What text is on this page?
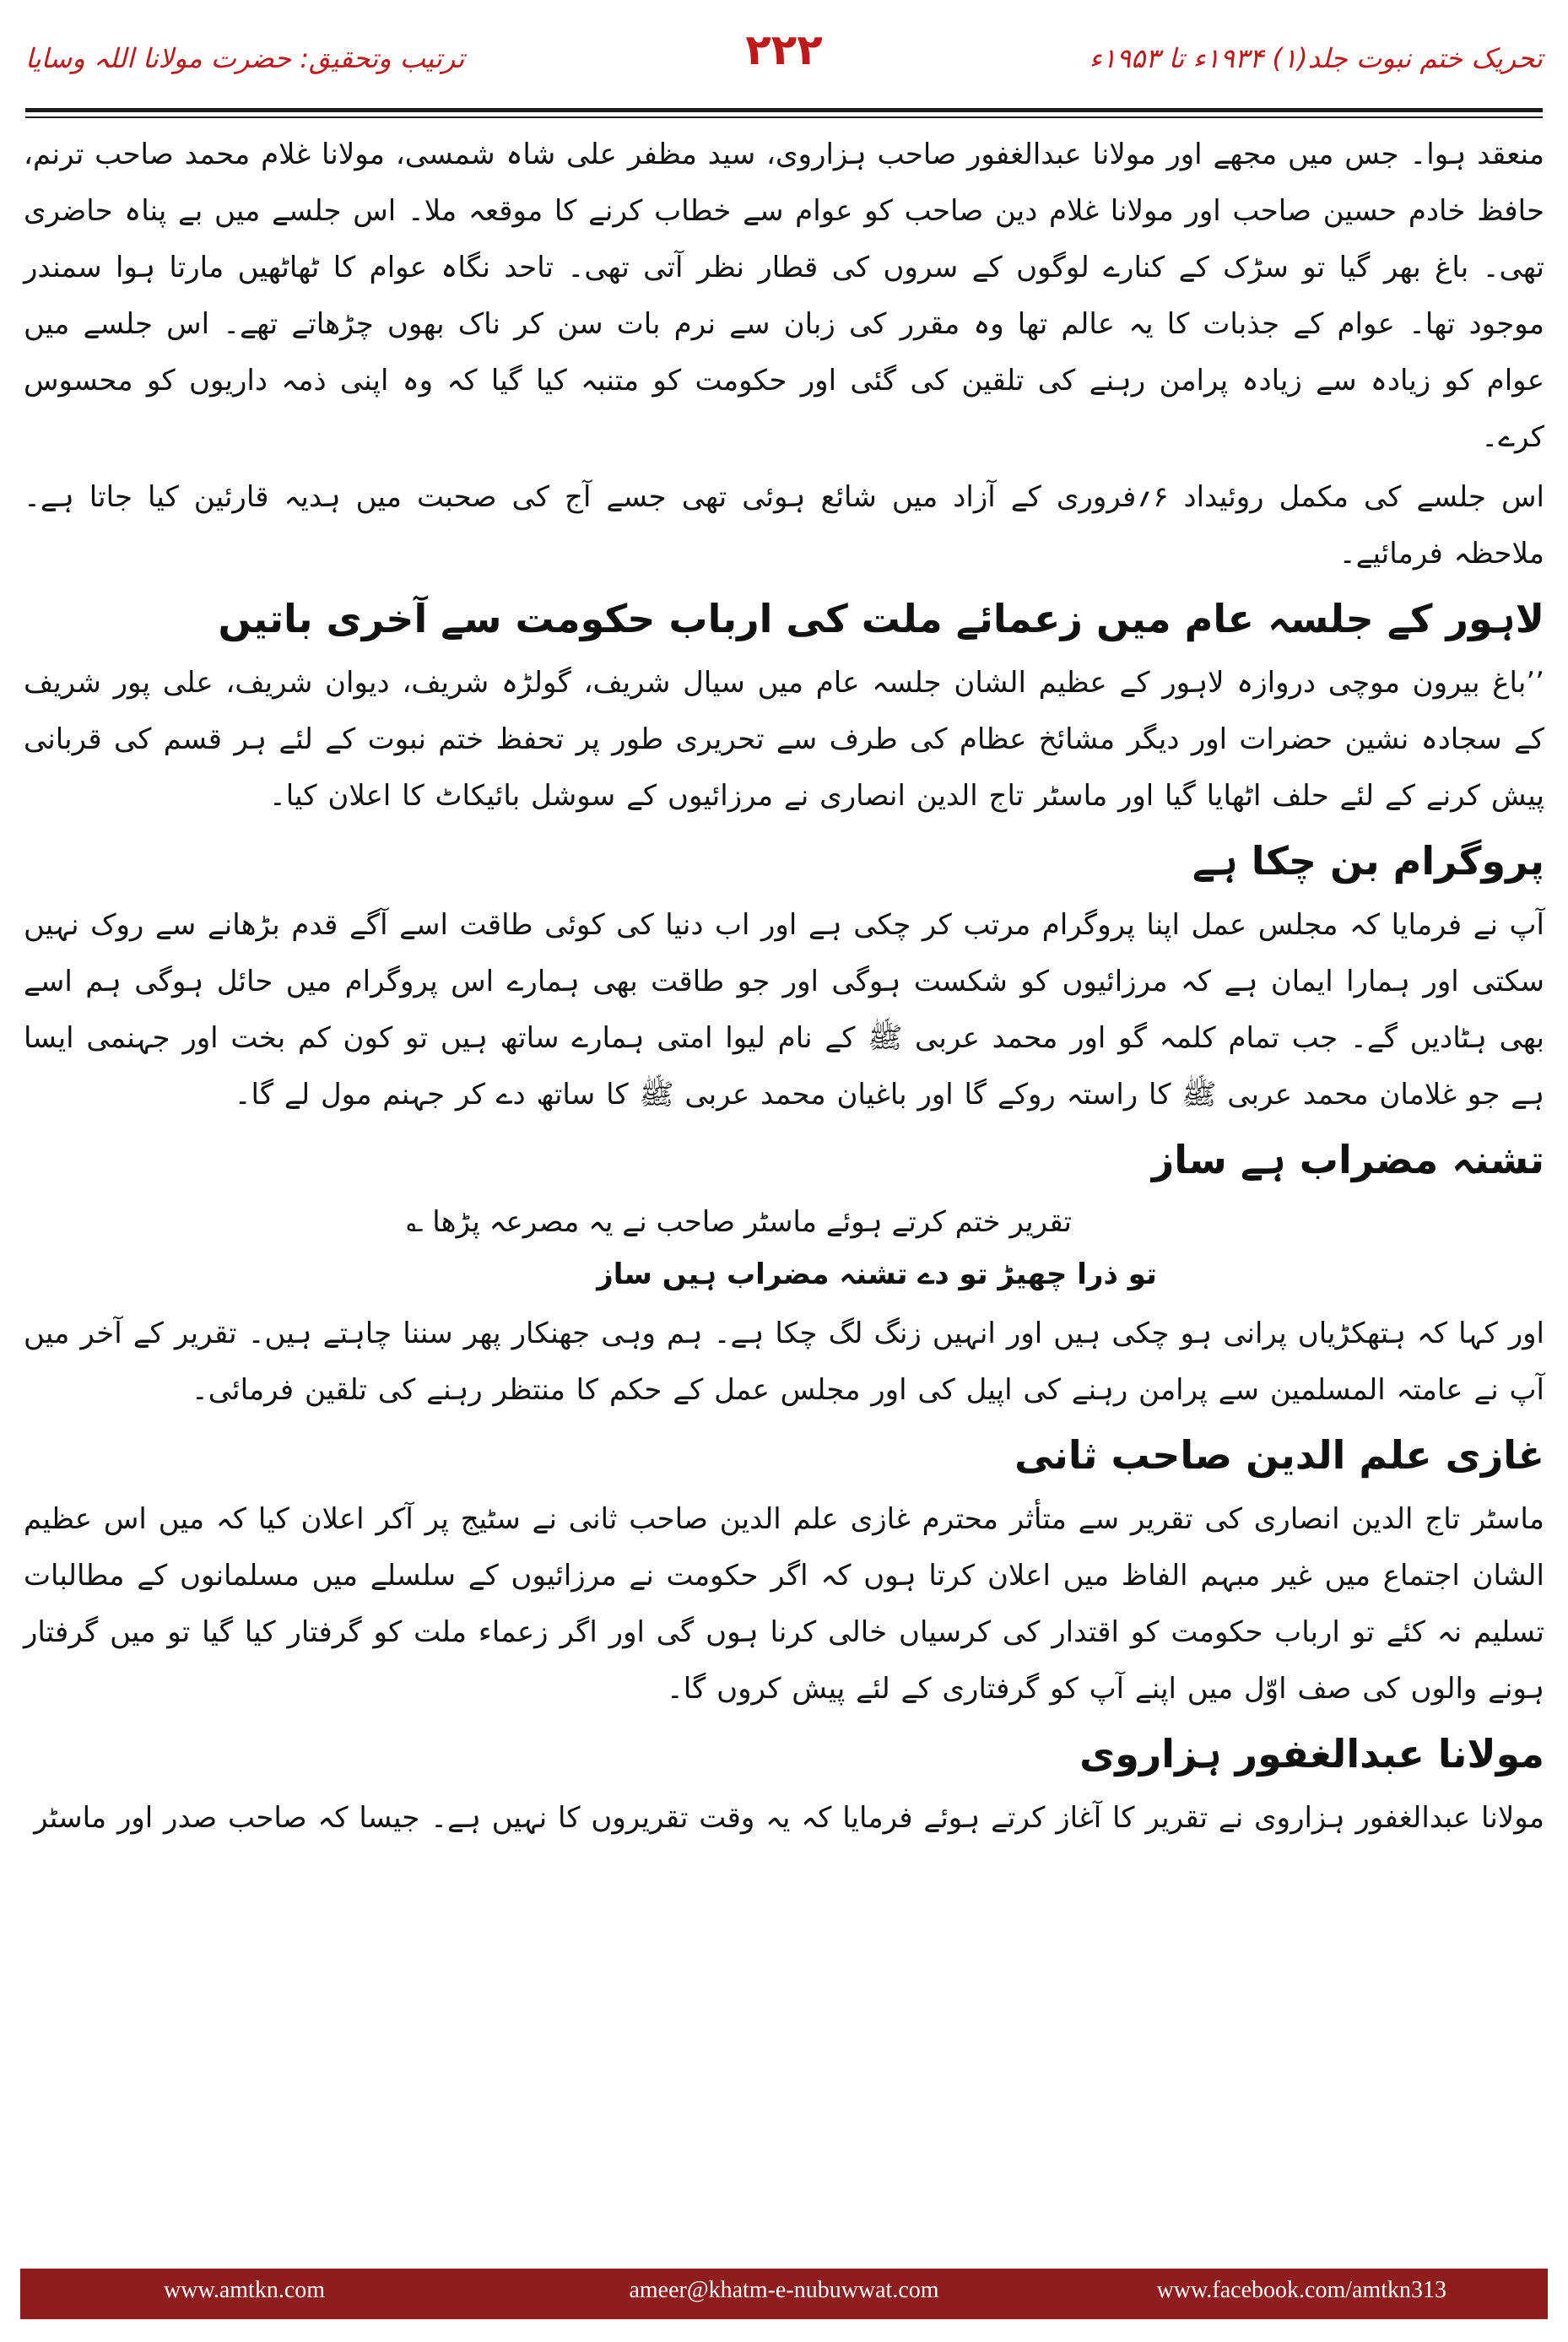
ترتیب وتحقیق: حضرت مولانا اللہ وسایا	۲۲۲	تحریک ختم نبوت جلد(۱) ۱۹۳۴ء تا ۱۹۵۳ء

منعقد ہوا۔ جس میں مجھے اور مولانا عبدالغفور صاحب ہزاروی، سید مظفر علی شاہ شمسی، مولانا غلام محمد صاحب ترنم، حافظ خادم حسین صاحب اور مولانا غلام دین صاحب کو عوام سے خطاب کرنے کا موقعہ ملا۔ اس جلسے میں بے پناہ حاضری تھی۔ باغ بھر گیا تو سڑک کے کنارے لوگوں کے سروں کی قطار نظر آتی تھی۔ تاحد نگاہ عوام کا ٹھاٹھیں مارتا ہوا سمندر موجود تھا۔ عوام کے جذبات کا یہ عالم تھا وہ مقرر کی زبان سے نرم بات سن کر ناک بھوں چڑھاتے تھے۔ اس جلسے میں عوام کو زیادہ سے زیادہ پرامن رہنے کی تلقین کی گئی اور حکومت کو متنبہ کیا گیا کہ وہ اپنی ذمہ داریوں کو محسوس کرے۔

اس جلسے کی مکمل روئیداد ۶؍فروری کے آزاد میں شائع ہوئی تھی جسے آج کی صحبت میں ہدیہ قارئین کیا جاتا ہے۔ ملاحظہ فرمائیے۔

لاہور کے جلسہ عام میں زعمائے ملت کی ارباب حکومت سے آخری باتیں

’’باغ بیرون موچی دروازہ لاہور کے عظیم الشان جلسہ عام میں سیال شریف، گولڑہ شریف، دیوان شریف، علی پور شریف کے سجادہ نشین حضرات اور دیگر مشائخ عظام کی طرف سے تحریری طور پر تحفظ ختم نبوت کے لئے ہر قسم کی قربانی پیش کرنے کے لئے حلف اٹھایا گیا اور ماسٹر تاج الدین انصاری نے مرزائیوں کے سوشل بائیکاٹ کا اعلان کیا۔

پروگرام بن چکا ہے

آپ نے فرمایا کہ مجلس عمل اپنا پروگرام مرتب کر چکی ہے اور اب دنیا کی کوئی طاقت اسے آگے قدم بڑھانے سے روک نہیں سکتی اور ہمارا ایمان ہے کہ مرزائیوں کو شکست ہوگی اور جو طاقت بھی ہمارے اس پروگرام میں حائل ہوگی ہم اسے بھی ہٹادیں گے۔ جب تمام کلمہ گو اور محمد عربی ﷺ کے نام لیوا امتی ہمارے ساتھ ہیں تو کون کم بخت اور جہنمی ایسا ہے جو غلامان محمد عربی ﷺ کا راستہ روکے گا اور باغیان محمد عربی ﷺ کا ساتھ دے کر جہنم مول لے گا۔

تشنہ مضراب ہے ساز
تقریر ختم کرتے ہوئے ماسٹر صاحب نے یہ مصرعہ پڑھا ؎
تو ذرا چھیڑ تو دے تشنہ مضراب ہیں ساز

اور کہا کہ ہتھکڑیاں پرانی ہو چکی ہیں اور انہیں زنگ لگ چکا ہے۔ ہم وہی جھنکار پھر سننا چاہتے ہیں۔ تقریر کے آخر میں آپ نے عامتہ المسلمین سے پرامن رہنے کی اپیل کی اور مجلس عمل کے حکم کا منتظر رہنے کی تلقین فرمائی۔

غازی علم الدین صاحب ثانی

ماسٹر تاج الدین انصاری کی تقریر سے متأثر محترم غازی علم الدین صاحب ثانی نے سٹیج پر آکر اعلان کیا کہ میں اس عظیم الشان اجتماع میں غیر مبہم الفاظ میں اعلان کرتا ہوں کہ اگر حکومت نے مرزائیوں کے سلسلے میں مسلمانوں کے مطالبات تسلیم نہ کئے تو ارباب حکومت کو اقتدار کی کرسیاں خالی کرنا ہوں گی اور اگر زعماء ملت کو گرفتار کیا گیا تو میں گرفتار ہونے والوں کی صف اوّل میں اپنے آپ کو گرفتاری کے لئے پیش کروں گا۔

مولانا عبدالغفور ہزاروی

مولانا عبدالغفور ہزاروی نے تقریر کا آغاز کرتے ہوئے فرمایا کہ یہ وقت تقریروں کا نہیں ہے۔ جیسا کہ صاحب صدر اور ماسٹر

www.amtkn.com	ameer@khatm-e-nubuwwat.com	www.facebook.com/amtkn313
